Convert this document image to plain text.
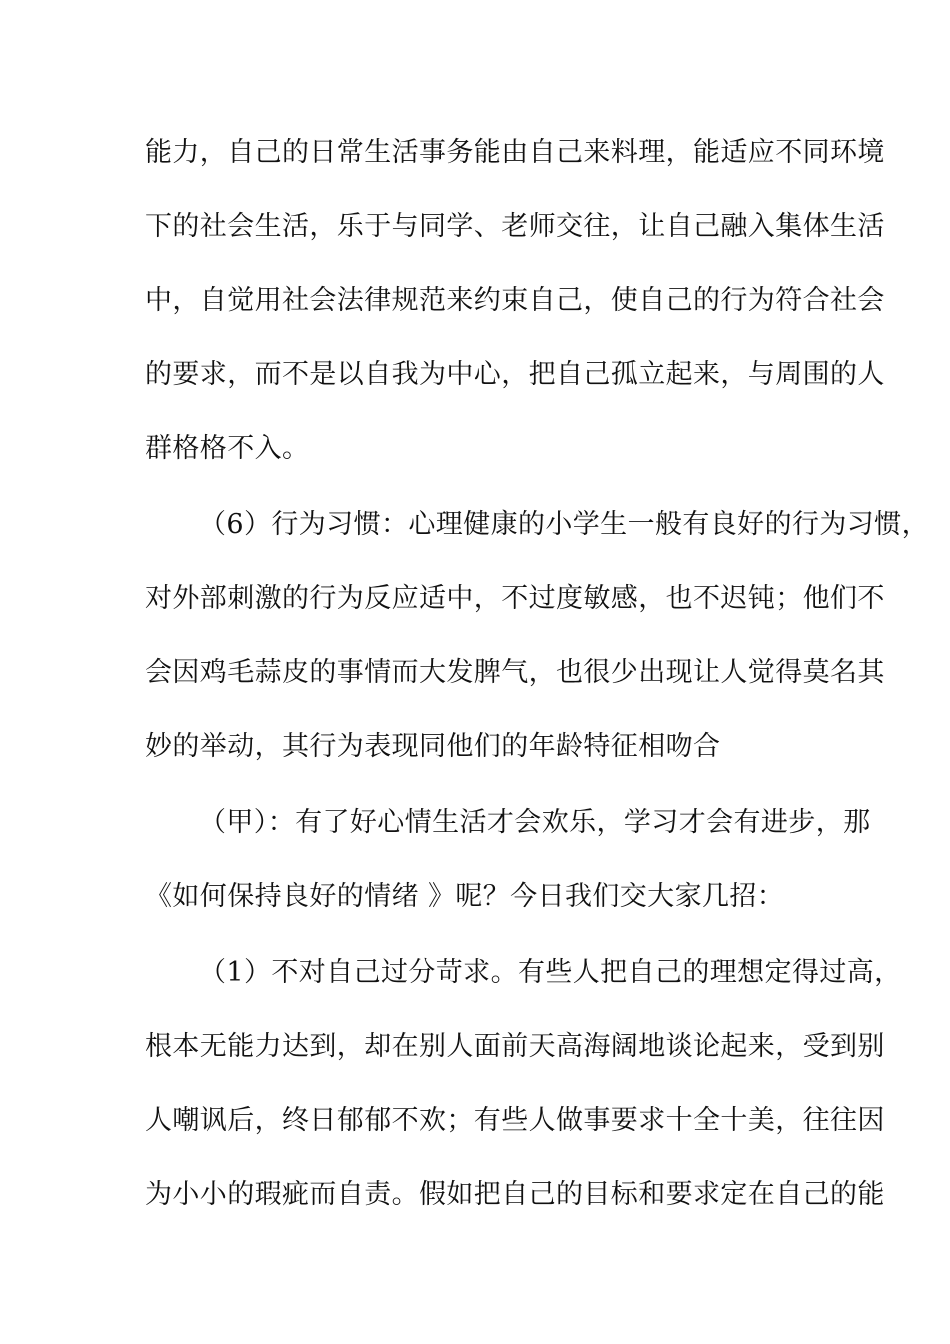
能力，自己的日常生活事务能由自己来料理，能适应不同环境
下的社会生活，乐于与同学、老师交往，让自己融入集体生活
中，自觉用社会法律规范来约束自己，使自己的行为符合社会
的要求，而不是以自我为中心，把自己孤立起来，与周围的人
群格格不入。
（6）行为习惯：心理健康的小学生一般有良好的行为习惯，
对外部刺激的行为反应适中，不过度敏感，也不迟钝；他们不
会因鸡毛蒜皮的事情而大发脾气，也很少出现让人觉得莫名其
妙的举动，其行为表现同他们的年龄特征相吻合
（甲）：有了好心情生活才会欢乐，学习才会有进步，那
《如何保持良好的情绪 》呢？今日我们交大家几招：
（1）不对自己过分苛求。有些人把自己的理想定得过高，
根本无能力达到，却在别人面前天高海阔地谈论起来，受到别
人嘲讽后，终日郁郁不欢；有些人做事要求十全十美，往往因
为小小的瑕疵而自责。假如把自己的目标和要求定在自己的能
